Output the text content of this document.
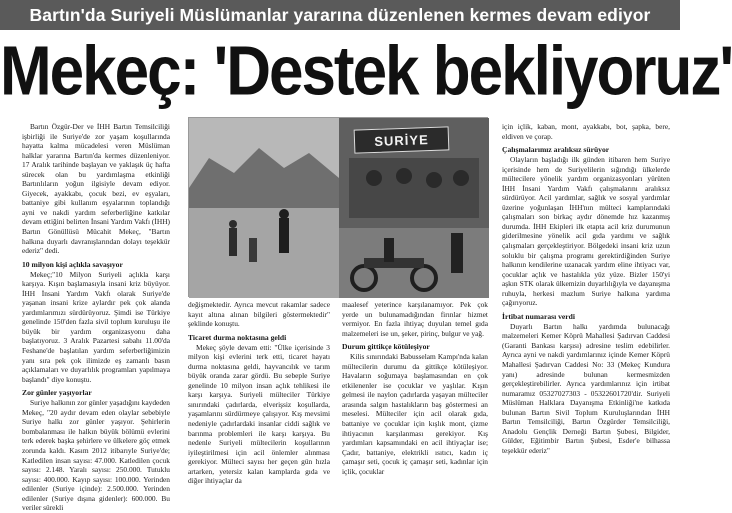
Bartın'da Suriyeli Müslümanlar yararına düzenlenen kermes devam ediyor
Mekeç: 'Destek bekliyoruz'

Bartın Özgür-Der ve İHH Bartın Temsilciliği işbirliği ile Suriye'de zor yaşam koşullarında hayatta kalma mücadelesi veren Müslüman halklar yararına Bartın'da kermes düzenleniyor. 17 Aralık tarihinde başlayan ve yaklaşık üç hafta sürecek olan bu yardımlaşma etkinliği Bartınlıların yoğun ilgisiyle devam ediyor. Giyecek, ayakkabı, çocuk bezi, ev eşyaları, battaniye gibi kullanım eşyalarının toplandığı ayni ve nakdi yardım seferberliğine katkılar devam ettiğini belirten İnsani Yardım Vakfı (İHH) Bartın Gönüllüsü Mücahit Mekeç, "Bartın halkına duyarlı davranışlarından dolayı teşekkür ederiz" dedi.

10 milyon kişi açlıkla savaşıyor

Mekeç;"10 Milyon Suriyeli açlıkla karşı karşıya. Kışın başlamasıyla insani kriz büyüyor. İHH İnsani Yardım Vakfı olarak Suriye'de yaşanan insani krize aylardır pek çok alanda yardımlarımızı sürdürüyoruz. Şimdi ise Türkiye genelinde 150'den fazla sivil toplum kuruluşu ile büyük bir yardım organizasyonu daha başlatıyoruz. 3 Aralık Pazartesi sabahı 11.00'da Feshane'de başlatılan yardım seferberliğimizin yanı sıra pek çok ilimizde eş zamanlı basın açıklamaları ve duyarlılık programları yapılmaya başlandı" diye konuştu.

Zor günler yaşıyorlar

Suriye halkının zor günler yaşadığını kaydeden Mekeç, "20 aydır devam eden olaylar sebebiyle Suriye halkı zor günler yaşıyor. Şehirlerin bombalanması ile halkın büyük bölümü evlerini terk ederek başka şehirlere ve ülkelere göç etmek zorunda kaldı. Kasım 2012 itibarıyle Suriye'de; Katledilen insan sayısı: 47.000. Katledilen çocuk sayısı: 2.148. Yaralı sayısı: 250.000. Tutuklu sayısı: 400.000. Kayıp sayısı: 100.000. Yerinden edilenler (Suriye içinde): 2.500.000. Yerinden edilenler (Suriye dışına gidenler): 600.000. Bu veriler sürekli

SURİYE

değişmektedir. Ayrıca mevcut rakamlar sadece kayıt altına alınan bilgileri göstermektedir" şeklinde konuştu.

Ticaret durma noktasına geldi

Mekeç şöyle devam etti: "Ülke içerisinde 3 milyon kişi evlerini terk etti, ticaret hayatı durma noktasına geldi, hayvancılık ve tarım büyük oranda zarar gördü. Bu sebeple Suriye genelinde 10 milyon insan açlık tehlikesi ile karşı karşıya. Suriyeli mülteciler Türkiye sınırındaki çadırlarda, elverişsiz koşullarda, yaşamlarını sürdürmeye çalışıyor. Kış mevsimi nedeniyle çadırlardaki insanlar ciddi sağlık ve barınma problemleri ile karşı karşıya. Bu nedenle Suriyeli mültecilerin koşullarının iyileştirilmesi için acil önlemler alınması gerekiyor. Mülteci sayısı her geçen gün hızla artarken, yetersiz kalan kamplarda gıda ve diğer ihtiyaçlar da

maalesef yeterince karşılanamıyor. Pek çok yerde un bulunamadığından firınlar hizmet vermiyor. En fazla ihtiyaç duyulan temel gıda malzemeleri ise un, şeker, pirinç, bulgur ve yağ.

Durum gittikçe kötüleşiyor

Kilis sınırındaki Babusselam Kampı'nda kalan mültecilerin durumu da gittikçe kötüleşiyor. Havaların soğumaya başlamasından en çok etkilenenler ise çocuklar ve yaşlılar. Kışın gelmesi ile naylon çadırlarda yaşayan mülteciler arasında salgın hastalıkların baş göstermesi an meselesi. Mülteciler için acil olarak gıda, battaniye ve çocuklar için kışlık mont, çizme ihtiyacının karşılanması gerekiyor. Kış yardımları kapsamındaki en acil ihtiyaçlar ise; Çadır, battaniye, elektrikli ısıtıcı, kadın iç çamaşır seti, çocuk iç çamaşır seti, kadınlar için içlik, çocuklar

için içlik, kaban, mont, ayakkabı, bot, şapka, bere, eldiven ve çorap.

Çalışmalarımız aralıksız sürüyor

Olayların başladığı ilk günden itibaren hem Suriye içerisinde hem de Suriyelilerin sığındığı ülkelerde mültecilere yönelik yardım organizasyonları yürüten İHH İnsani Yardım Vakfı çalışmalarını aralıksız sürdürüyor. Acil yardımlar, sağlık ve sosyal yardımlar üzerine yoğunlaşan İHH'nın mülteci kamplarındaki çalışmaları son birkaç aydır dönemde hız kazanmış durumda. İHH Ekipleri ilk etapta acil kriz durumunun giderilmesine yönelik acil gıda yardımı ve sağlık çalışmaları gerçekleştiriyor. Bölgedeki insani kriz uzun soluklu bir çalışma programı gerektirdiğinden Suriye halkının kendilerine uzanacak yardım eline ihtiyacı var, çocuklar açlık ve hastalıkla yüz yüze. Bizler 150'yi aşkın STK olarak ülkemizin duyarlılığıyla ve dayanışma ruhuyla, herkesi mazlum Suriye halkına yardıma çağırıyoruz.

İrtibat numarası verdi

Duyarlı Bartın halkı yardımda bulunacağı malzemeleri Kemer Köprü Mahallesi Şadırvan Caddesi (Garanti Bankası karşısı) adresine teslim edebilirler. Ayrıca ayni ve nakdi yardımlarınız içinde Kemer Köprü Mahallesi Şadırvan Caddesi No: 33 (Mekeç Kundura yanı) adresinde bulunan kermesmizden gerçekleştirebilirler. Ayrıca yardımlarınız için irtibat numaramız 05327027303 - 05322601720'dir. Suriyeli Müslüman Halklara Dayanışma Etkinliği'ne katkıda bulunan Bartın Sivil Toplum Kuruluşlarından İHH Bartın Temsilciliği, Bartın Özgürder Temsilciliği, Anadolu Gençlik Derneği Bartın Şubesi, Bilgider, Gülder, Eğitimbir Bartın Şubesi, Esder'e bilhassa teşekkür ederiz"
